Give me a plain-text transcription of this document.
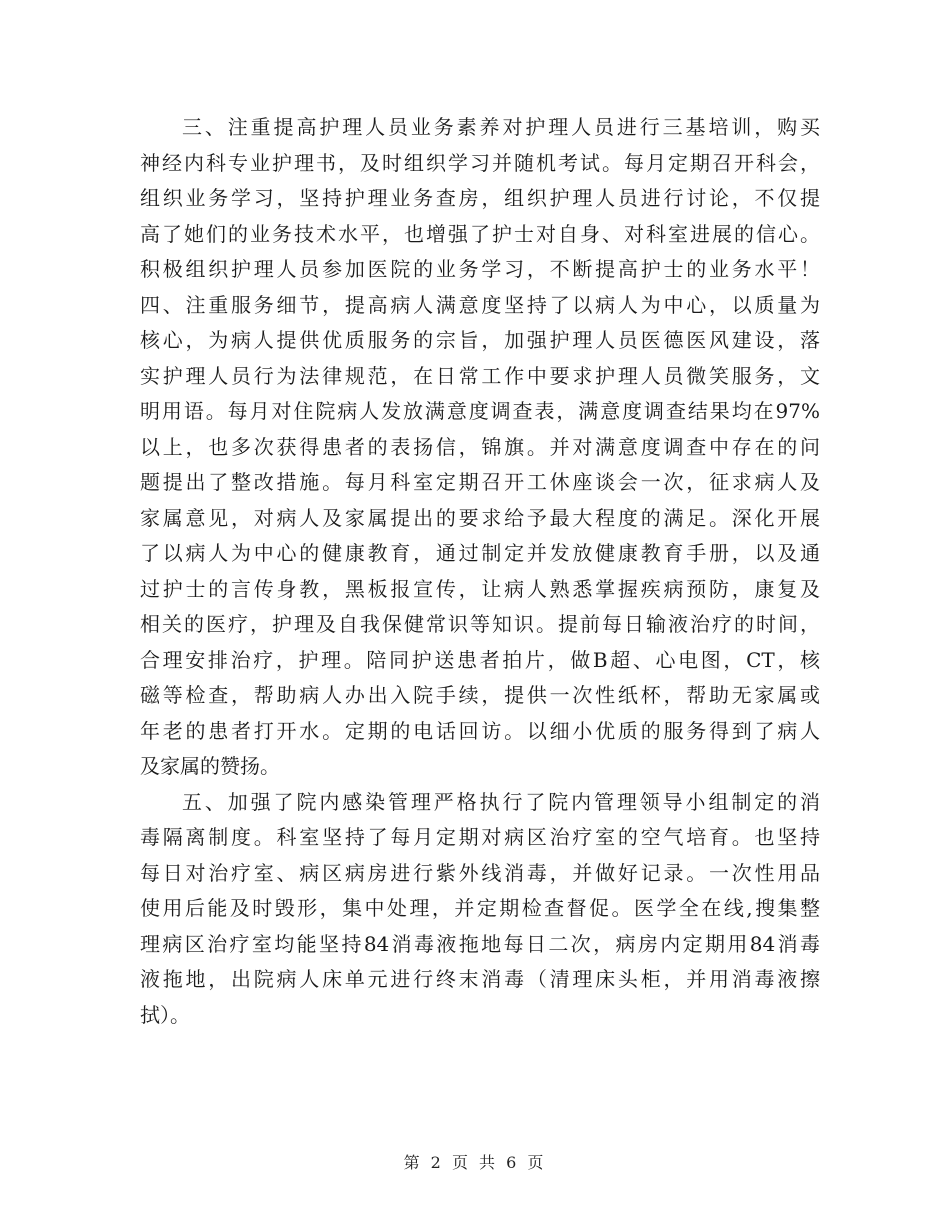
三、注重提高护理人员业务素养对护理人员进行三基培训，购买
神经内科专业护理书，及时组织学习并随机考试。每月定期召开科会，
组织业务学习，坚持护理业务查房，组织护理人员进行讨论，不仅提
高了她们的业务技术水平，也增强了护士对自身、对科室进展的信心。
积极组织护理人员参加医院的业务学习，不断提高护士的业务水平！
四、注重服务细节，提高病人满意度坚持了以病人为中心，以质量为
核心，为病人提供优质服务的宗旨，加强护理人员医德医风建设，落
实护理人员行为法律规范，在日常工作中要求护理人员微笑服务，文
明用语。每月对住院病人发放满意度调查表，满意度调查结果均在97%
以上，也多次获得患者的表扬信，锦旗。并对满意度调查中存在的问
题提出了整改措施。每月科室定期召开工休座谈会一次，征求病人及
家属意见，对病人及家属提出的要求给予最大程度的满足。深化开展
了以病人为中心的健康教育，通过制定并发放健康教育手册，以及通
过护士的言传身教，黑板报宣传，让病人熟悉掌握疾病预防，康复及
相关的医疗，护理及自我保健常识等知识。提前每日输液治疗的时间，
合理安排治疗，护理。陪同护送患者拍片，做B超、心电图，CT，核
磁等检查，帮助病人办出入院手续，提供一次性纸杯，帮助无家属或
年老的患者打开水。定期的电话回访。以细小优质的服务得到了病人
及家属的赞扬。
五、加强了院内感染管理严格执行了院内管理领导小组制定的消
毒隔离制度。科室坚持了每月定期对病区治疗室的空气培育。也坚持
每日对治疗室、病区病房进行紫外线消毒，并做好记录。一次性用品
使用后能及时毁形，集中处理，并定期检查督促。医学全在线,搜集整
理病区治疗室均能坚持84消毒液拖地每日二次，病房内定期用84消毒
液拖地，出院病人床单元进行终末消毒（清理床头柜，并用消毒液擦
拭）。
第 2 页 共 6 页
